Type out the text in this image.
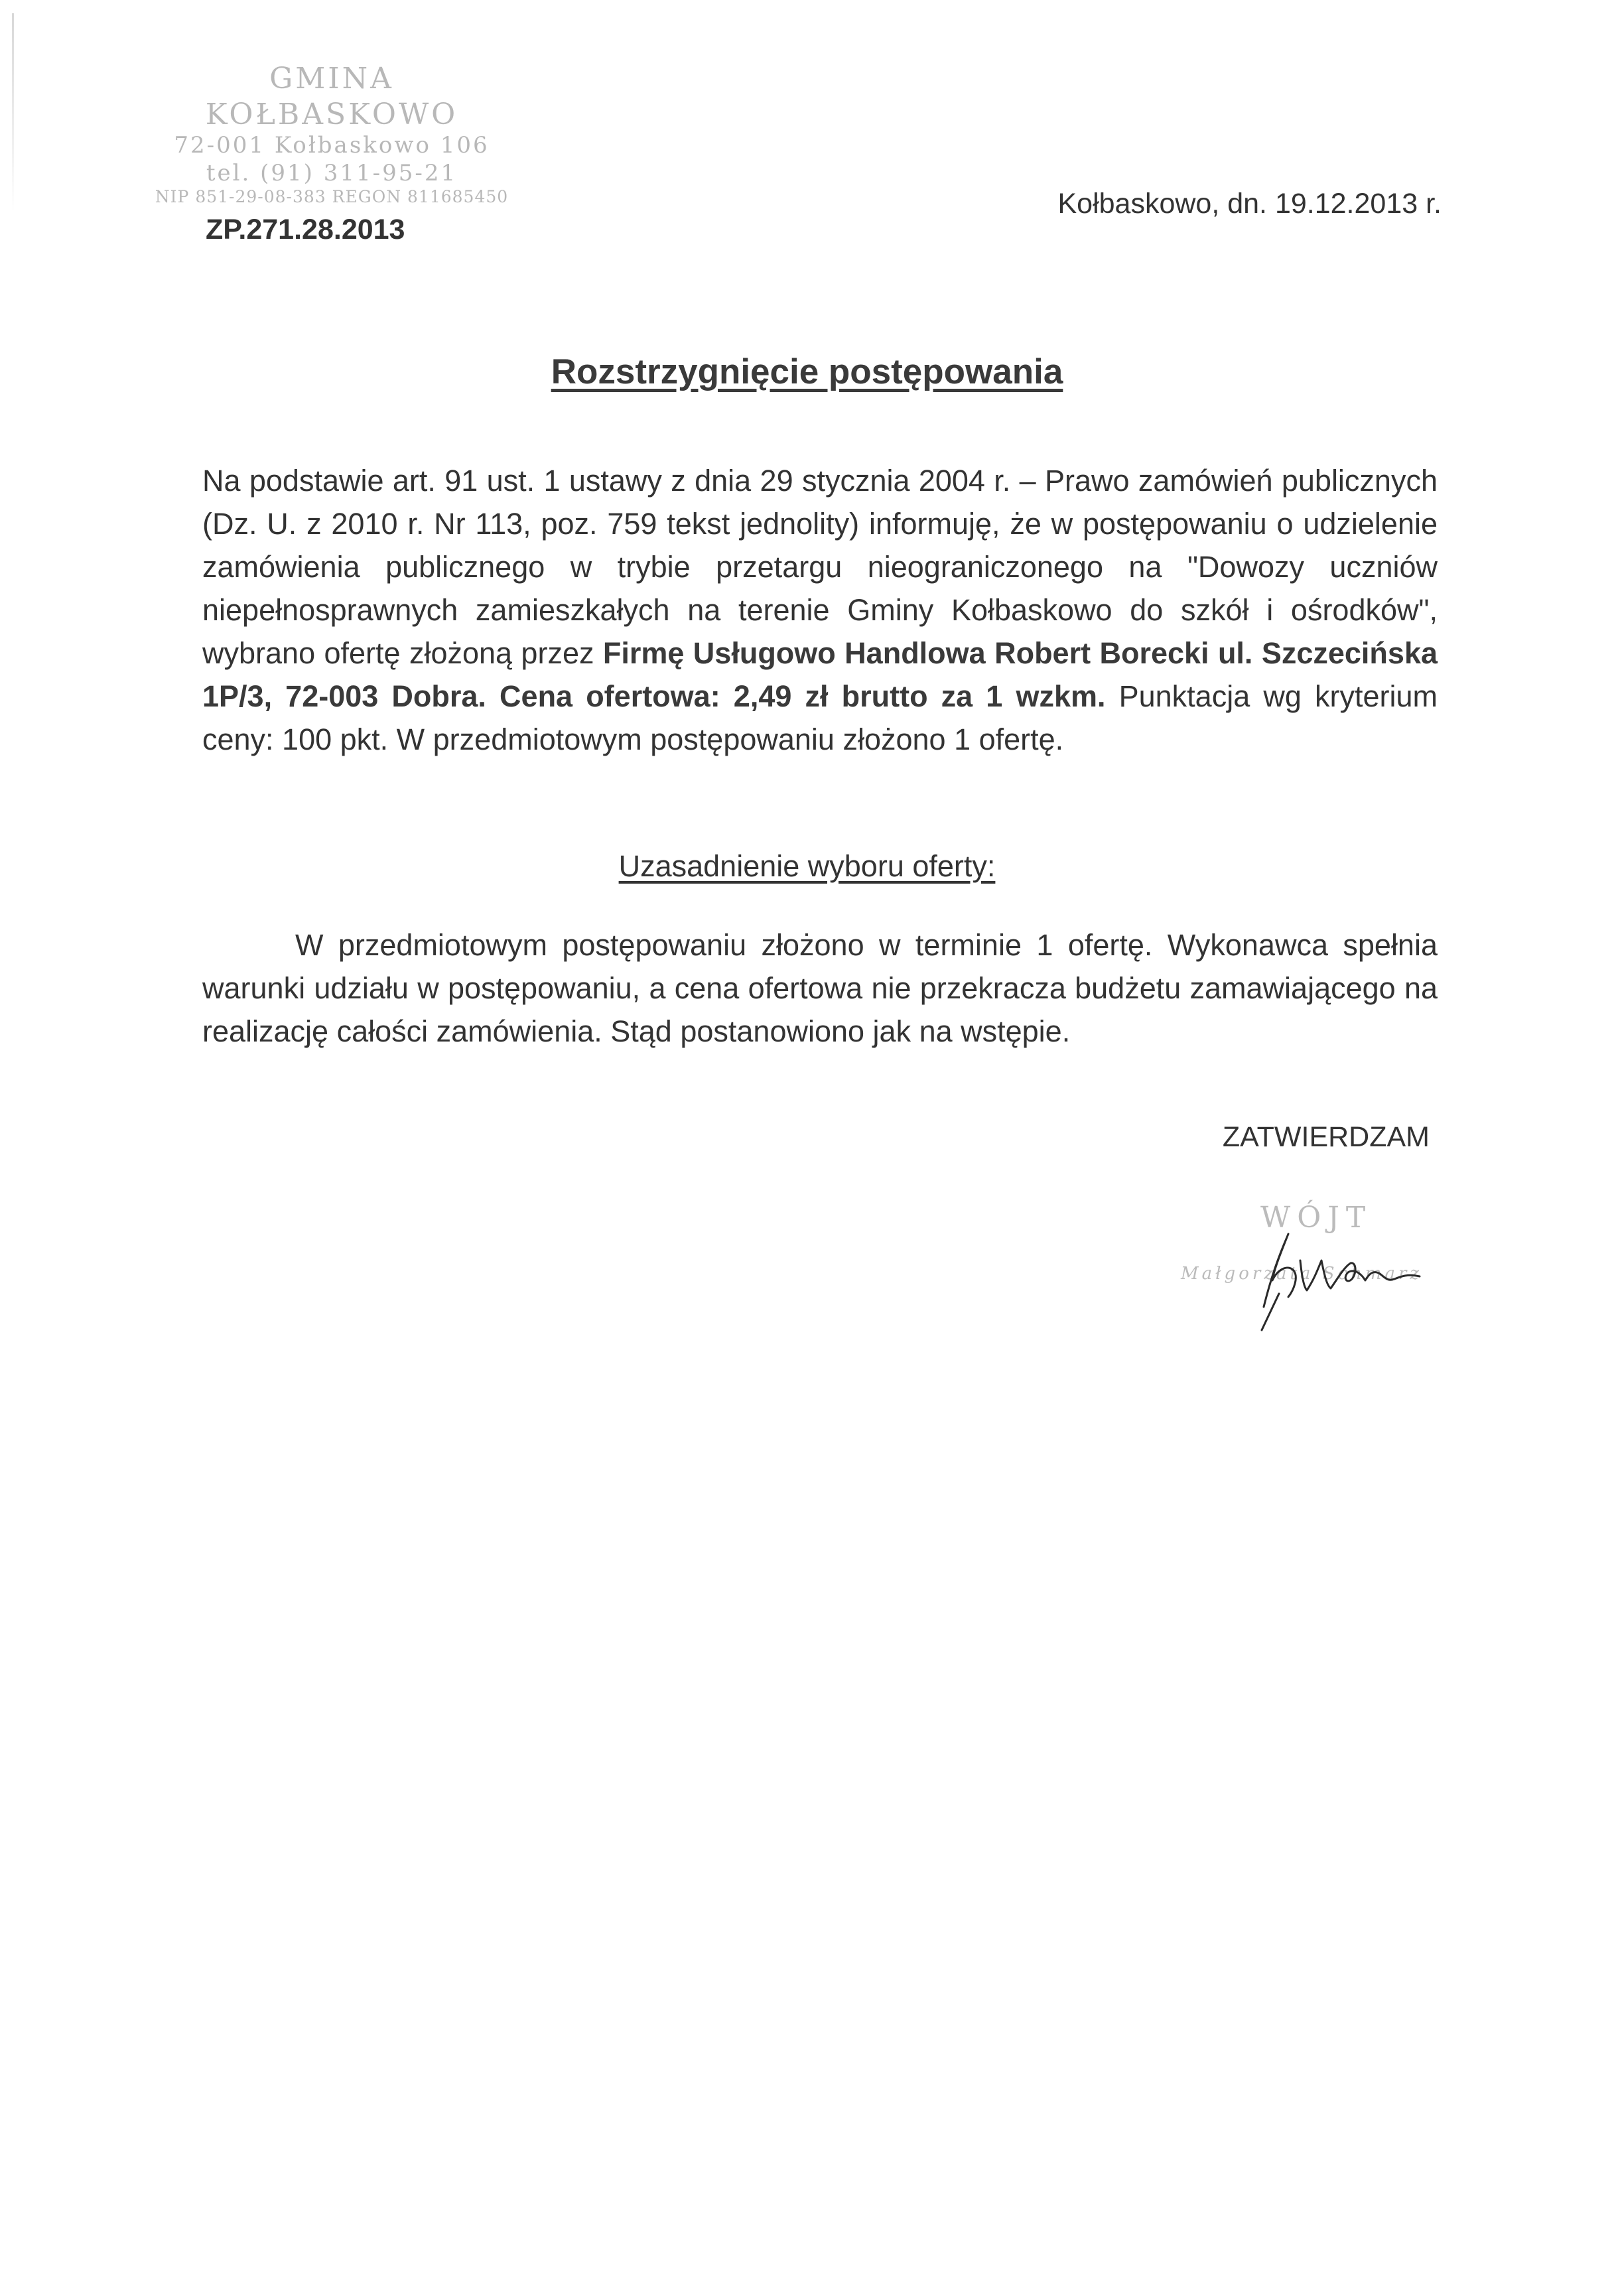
GMINA KOŁBASKOWO
72-001 Kołbaskowo 106
tel. (91) 311-95-21
NIP 851-29-08-383 REGON 811685450
ZP.271.28.2013
Kołbaskowo, dn. 19.12.2013 r.
Rozstrzygnięcie postępowania
Na podstawie art. 91 ust. 1 ustawy z dnia 29 stycznia 2004 r. – Prawo zamówień publicznych (Dz. U. z 2010 r. Nr 113, poz. 759 tekst jednolity) informuję, że w postępowaniu o udzielenie zamówienia publicznego w trybie przetargu nieograniczonego na "Dowozy uczniów niepełnosprawnych zamieszkałych na terenie Gminy Kołbaskowo do szkół i ośrodków", wybrano ofertę złożoną przez Firmę Usługowo Handlowa Robert Borecki ul. Szczecińska 1P/3, 72-003 Dobra. Cena ofertowa: 2,49 zł brutto za 1 wzkm. Punktacja wg kryterium ceny: 100 pkt. W przedmiotowym postępowaniu złożono 1 ofertę.
Uzasadnienie wyboru oferty:
W przedmiotowym postępowaniu złożono w terminie 1 ofertę. Wykonawca spełnia warunki udziału w postępowaniu, a cena ofertowa nie przekracza budżetu zamawiającego na realizację całości zamówienia. Stąd postanowiono jak na wstępie.
ZATWIERDZAM
WÓJT
Małgorzata Schmarz
